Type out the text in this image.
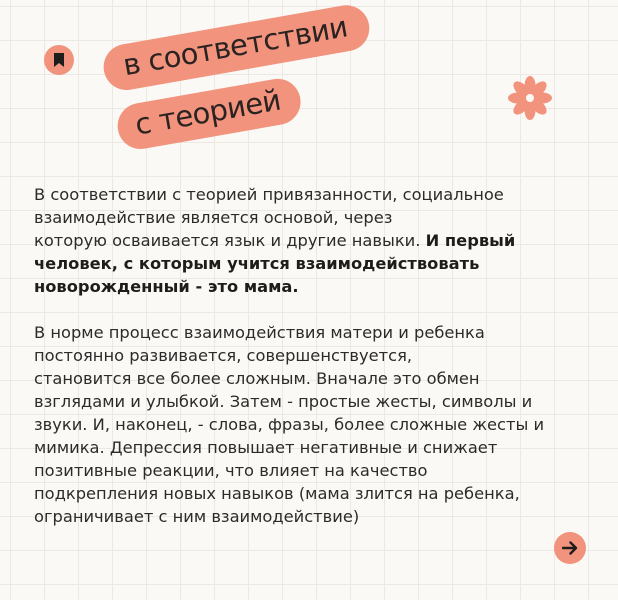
в соответствии
с теорией

В соответствии с теорией привязанности, социальное
взаимодействие является основой, через
которую осваивается язык и другие навыки. И первый
человек, с которым учится взаимодействовать
новорожденный - это мама.

В норме процесс взаимодействия матери и ребенка
постоянно развивается, совершенствуется,
становится все более сложным. Вначале это обмен
взглядами и улыбкой. Затем - простые жесты, символы и
звуки. И, наконец, - слова, фразы, более сложные жесты и
мимика. Депрессия повышает негативные и снижает
позитивные реакции, что влияет на качество
подкрепления новых навыков (мама злится на ребенка,
ограничивает с ним взаимодействие)
